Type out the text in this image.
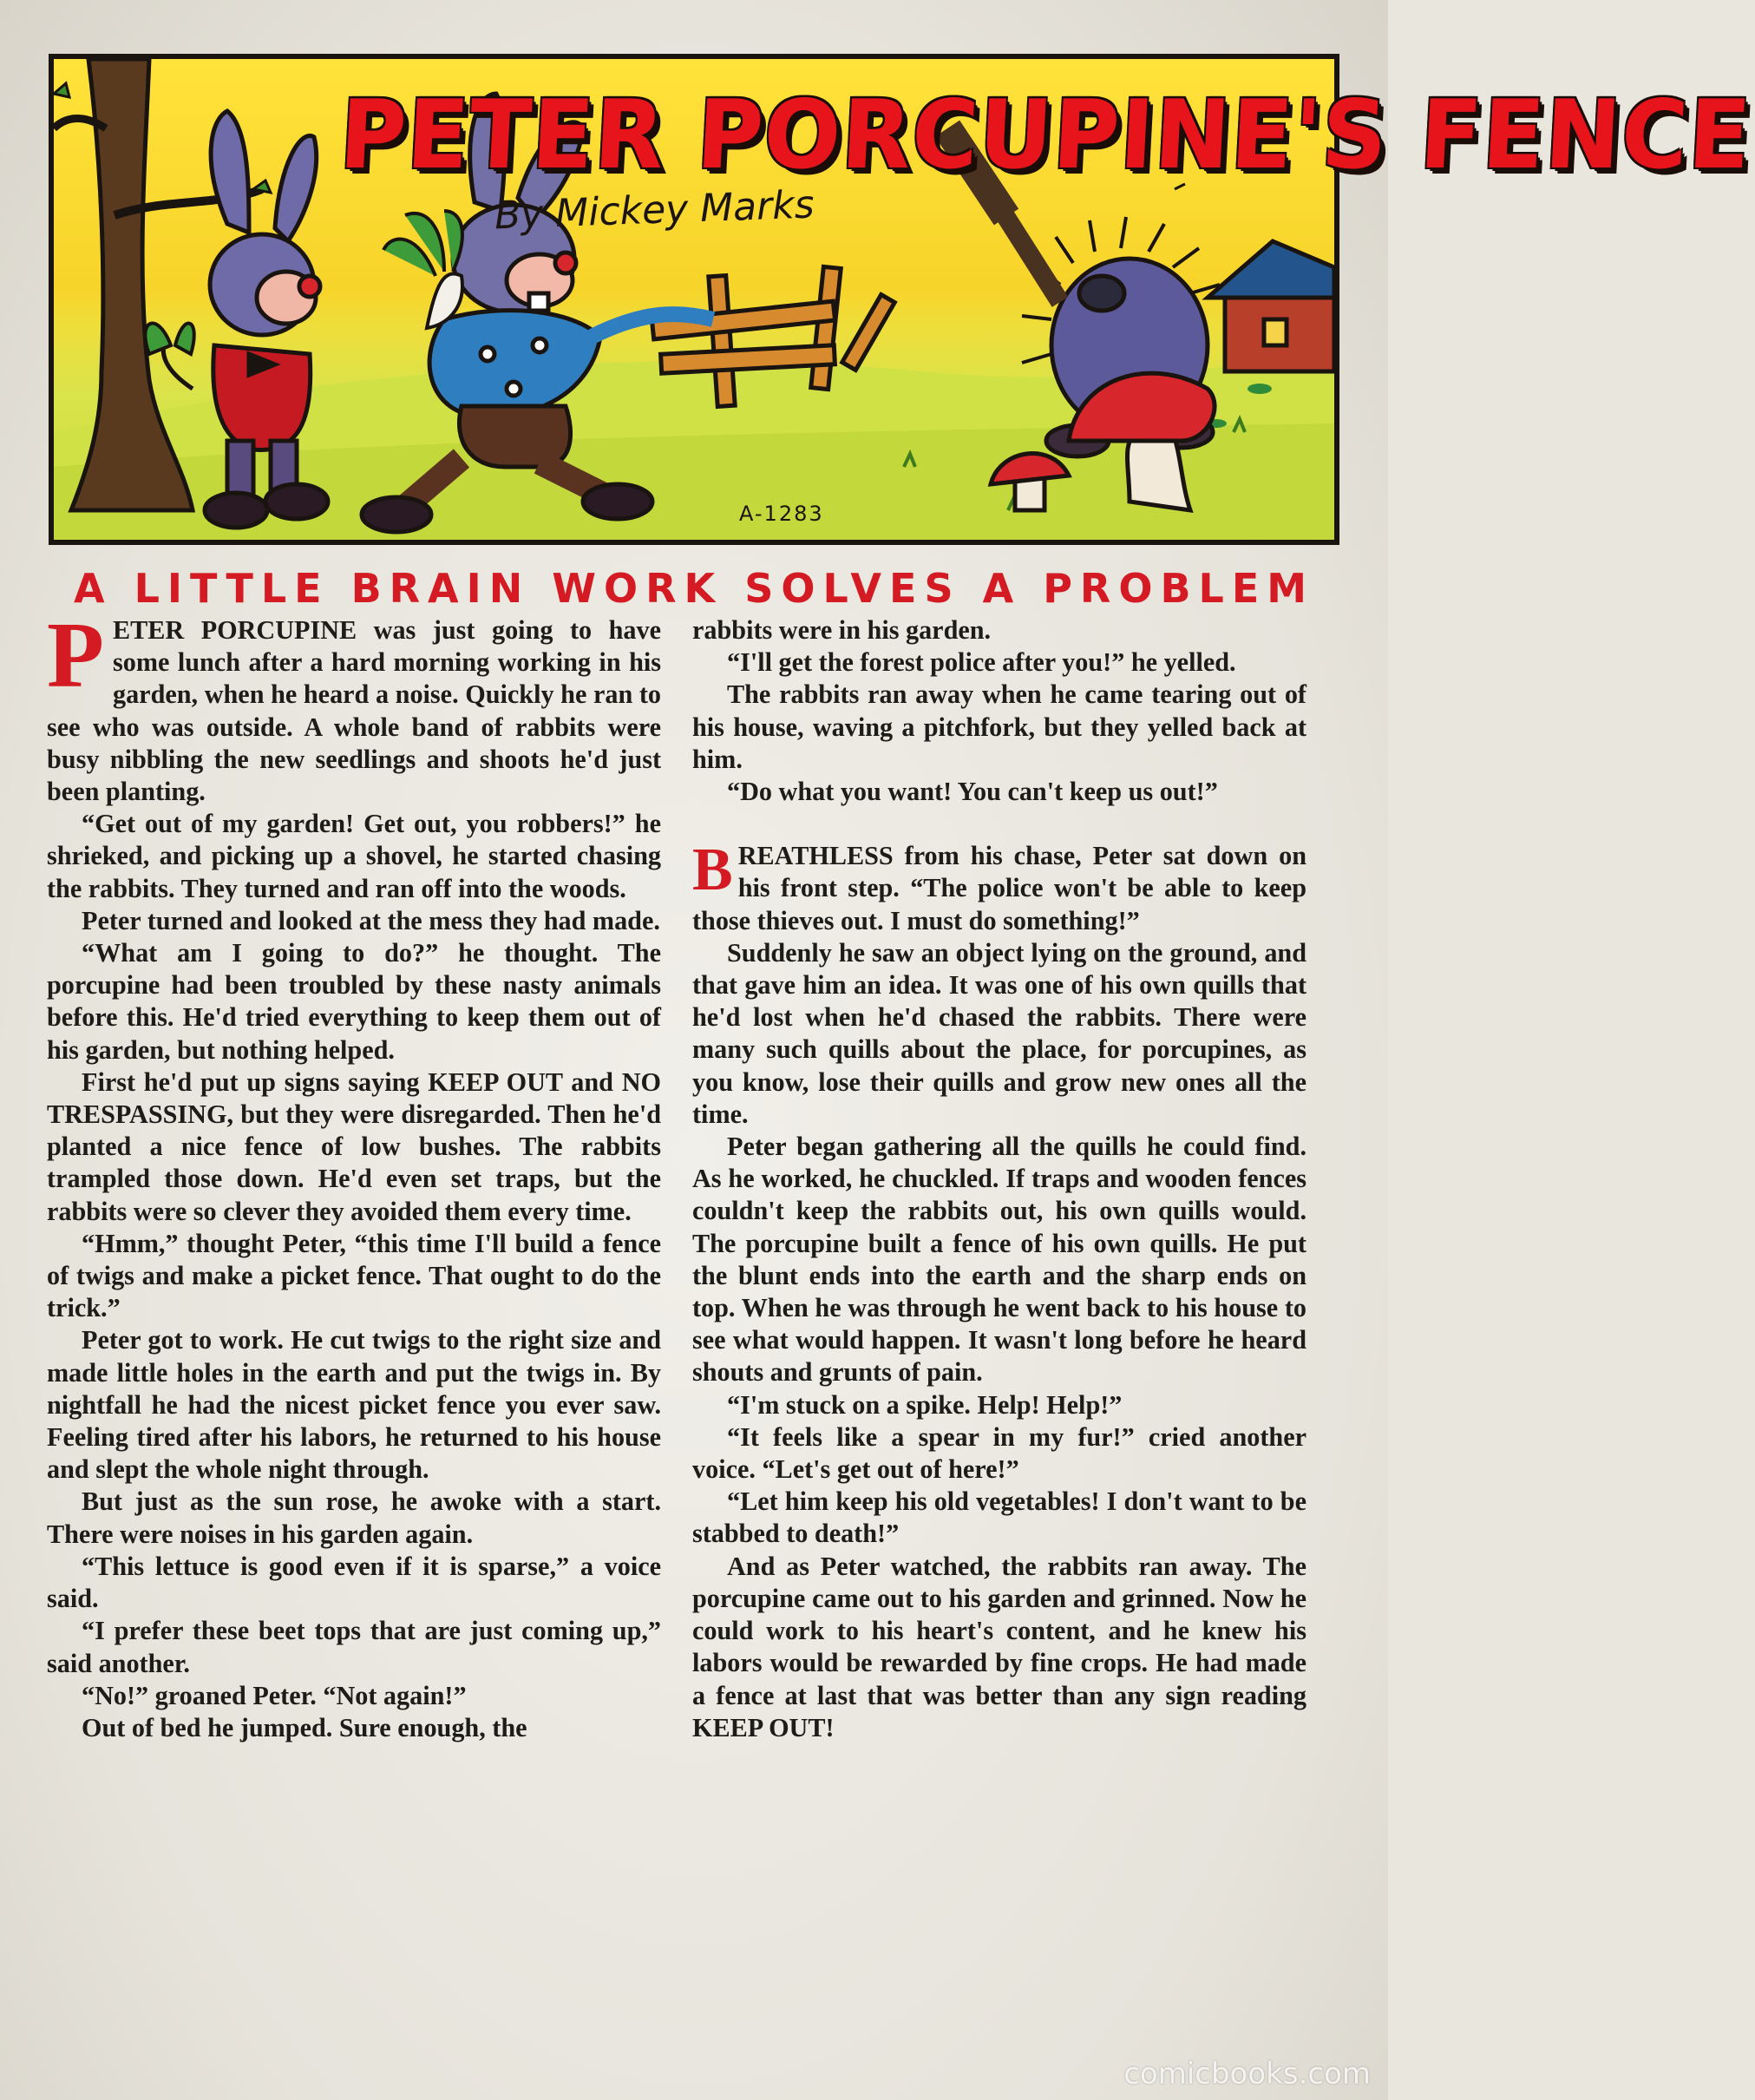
PETER PORCUPINE'S FENCE
By Mickey Marks
A-1283
A LITTLE BRAIN WORK SOLVES A PROBLEM

PETER PORCUPINE was just going to have some lunch after a hard morning working in his garden, when he heard a noise. Quickly he ran to see who was outside. A whole band of rabbits were busy nibbling the new seedlings and shoots he'd just been planting.

“Get out of my garden! Get out, you robbers!” he shrieked, and picking up a shovel, he started chasing the rabbits. They turned and ran off into the woods.

Peter turned and looked at the mess they had made.

“What am I going to do?” he thought. The porcupine had been troubled by these nasty animals before this. He'd tried everything to keep them out of his garden, but nothing helped.

First he'd put up signs saying KEEP OUT and NO TRESPASSING, but they were disregarded. Then he'd planted a nice fence of low bushes. The rabbits trampled those down. He'd even set traps, but the rabbits were so clever they avoided them every time.

“Hmm,” thought Peter, “this time I'll build a fence of twigs and make a picket fence. That ought to do the trick.”

Peter got to work. He cut twigs to the right size and made little holes in the earth and put the twigs in. By nightfall he had the nicest picket fence you ever saw. Feeling tired after his labors, he returned to his house and slept the whole night through.

But just as the sun rose, he awoke with a start. There were noises in his garden again.

“This lettuce is good even if it is sparse,” a voice said.

“I prefer these beet tops that are just coming up,” said another.

“No!” groaned Peter. “Not again!”

Out of bed he jumped. Sure enough, the

rabbits were in his garden.

“I'll get the forest police after you!” he yelled.

The rabbits ran away when he came tearing out of his house, waving a pitchfork, but they yelled back at him.

“Do what you want! You can't keep us out!”

BREATHLESS from his chase, Peter sat down on his front step. “The police won't be able to keep those thieves out. I must do something!”

Suddenly he saw an object lying on the ground, and that gave him an idea. It was one of his own quills that he'd lost when he'd chased the rabbits. There were many such quills about the place, for porcupines, as you know, lose their quills and grow new ones all the time.

Peter began gathering all the quills he could find. As he worked, he chuckled. If traps and wooden fences couldn't keep the rabbits out, his own quills would. The porcupine built a fence of his own quills. He put the blunt ends into the earth and the sharp ends on top. When he was through he went back to his house to see what would happen. It wasn't long before he heard shouts and grunts of pain.

“I'm stuck on a spike. Help! Help!”

“It feels like a spear in my fur!” cried another voice. “Let's get out of here!”

“Let him keep his old vegetables! I don't want to be stabbed to death!”

And as Peter watched, the rabbits ran away. The porcupine came out to his garden and grinned. Now he could work to his heart's content, and he knew his labors would be rewarded by fine crops. He had made a fence at last that was better than any sign reading KEEP OUT!

comicbooks.com
